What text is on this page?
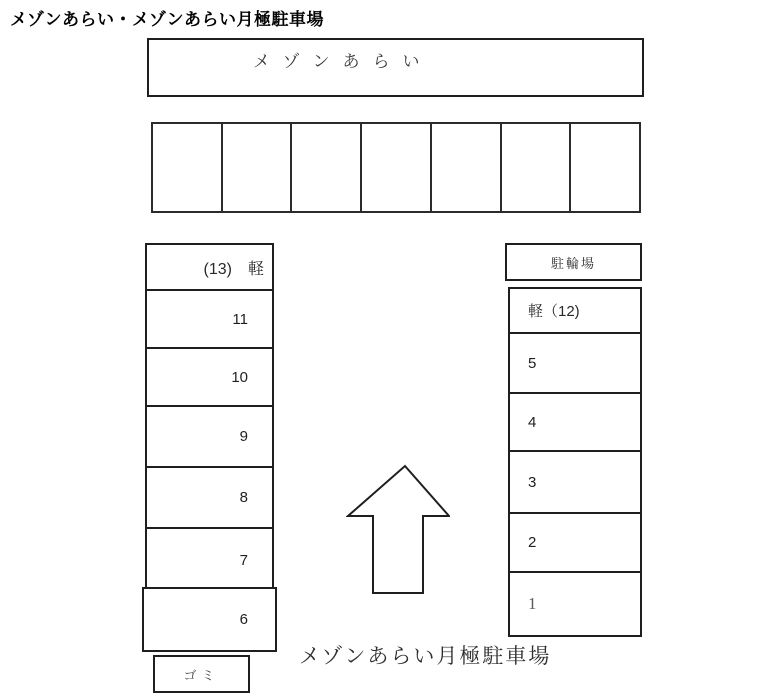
メゾンあらい・メゾンあらい月極駐車場
メゾンあらい
(13)　軽
11
10
9
8
7
6
ゴミ
駐輪場
軽（12)
5
4
3
2
1
メゾンあらい月極駐車場
